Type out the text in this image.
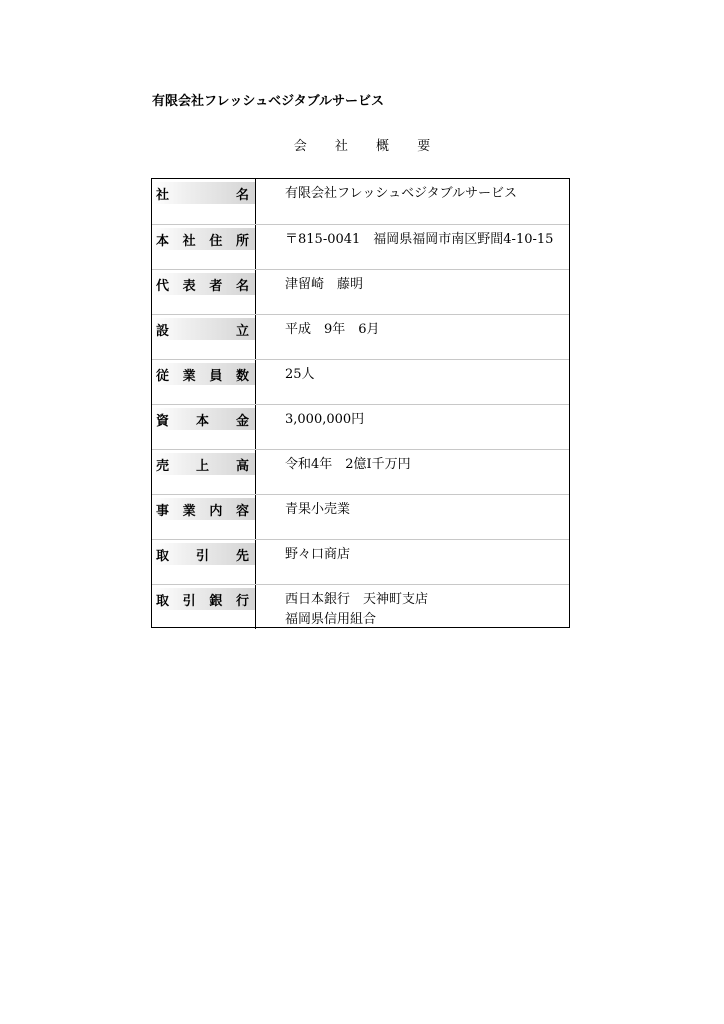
有限会社フレッシュベジタブルサービス
会 社 概 要
社　　　　名	有限会社フレッシュベジタブルサービス
本社住所	〒815-0041　福岡県福岡市南区野間4-10-15
代表者名	津留崎　藤明
設　　　　立	平成　9年　6月
従業員数	25人
資　本　金	3,000,000円
売　上　高	令和4年　2億Ⅰ千万円
事業内容	青果小売業
取　引　先	野々口商店
取引銀行	西日本銀行　天神町支店
福岡県信用組合
